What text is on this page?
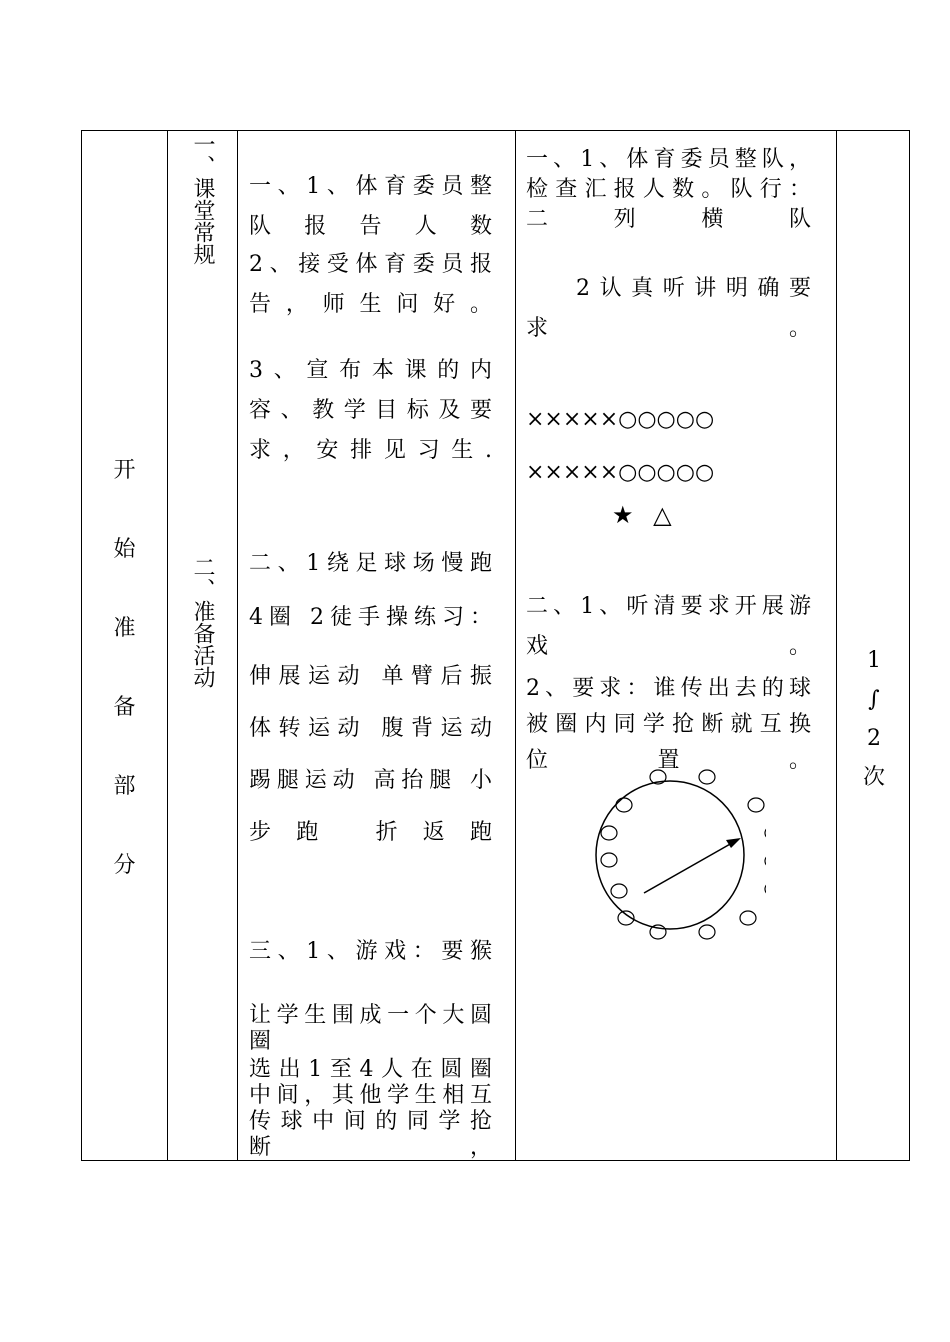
开
始
准
备
部
分
一、课堂常规
二、准备活动
一、1、体育委员整队报告人数
2、接受体育委员报告，师生问好。
3、宣布本课的内容、教学目标及要求，安排见习生.
二、1绕足球场慢跑4圈 2徒手操练习：
伸展运动 单臂后振 体转运动 腹背运动 踢腿运动 高抬腿 小步跑 折返跑
三、1、游戏：要猴
让学生围成一个大圆圈
选出1至4人在圆圈中间，其他学生相互传球中间的同学抢断，
一、1、体育委员整队，检查汇报人数。队行：二列横队
2认真听讲明确要求。
×××××○○○○○
×××××○○○○○
★ △
二、1、听清要求开展游戏。
2、要求：谁传出去的球被圈内同学抢断就互换位置。
1
∫
2
次
